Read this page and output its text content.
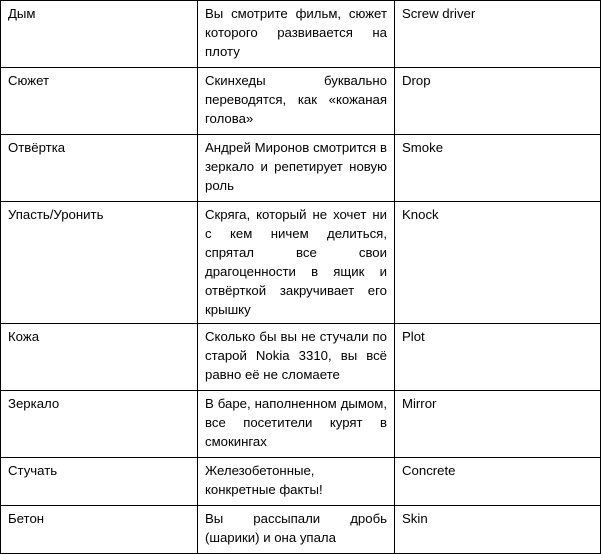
Дым	Вы смотрите фильм, сюжет которого развивается на плоту	Screw driver
Сюжет	Скинхеды буквально переводятся, как «кожаная голова»	Drop
Отвёртка	Андрей Миронов смотрится в зеркало и репетирует новую роль	Smoke
Упасть/Уронить	Скряга, который не хочет ни с кем ничем делиться, спрятал все свои драгоценности в ящик и отвёрткой закручивает его крышку	Knock
Кожа	Сколько бы вы не стучали по старой Nokia 3310, вы всё равно её не сломаете	Plot
Зеркало	В баре, наполненном дымом, все посетители курят в смокингах	Mirror
Стучать	Железобетонные, конкретные факты!	Concrete
Бетон	Вы рассыпали дробь (шарики) и она упала	Skin
